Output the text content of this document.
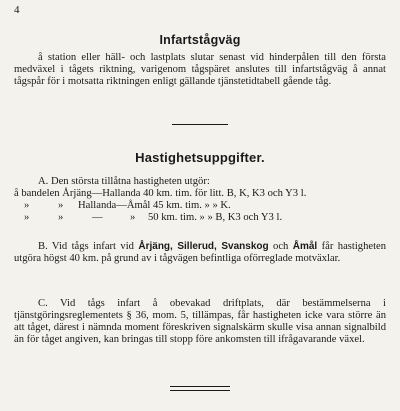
4
Infartstågväg
å station eller häll- och lastplats slutar senast vid hinderpålen till den första medväxel i tågets riktning, varigenom tågspäret anslutes till infartstågväg å annat tågspår för i motsatta riktningen enligt gällande tjänstetidtabell gående tåg.
Hastighetsuppgifter.
A. Den största tillåtna hastigheten utgör:
å bandelen Årjäng—Hallanda 40 km. tim. för litt. B, K, K3 och Y3 l.
»	» Hallanda—Åmål 45 km. tim. » » K.
»	»	—	» 50 km. tim. » » B, K3 och Y3 l.
B. Vid tågs infart vid Årjäng, Sillerud, Svanskog och Åmål får hastigheten utgöra högst 40 km. på grund av i tågvägen befintliga oförreglade motväxlar.
C. Vid tågs infart å obevakad driftplats, där bestämmelserna i tjänstgöringsreglementets § 36, mom. 5, tillämpas, får hastigheten icke vara större än att tåget, därest i nämnda moment föreskriven signalskärm skulle visa annan signalbild än för tåget angiven, kan bringas till stopp före ankomsten till ifrågavarande växel.
